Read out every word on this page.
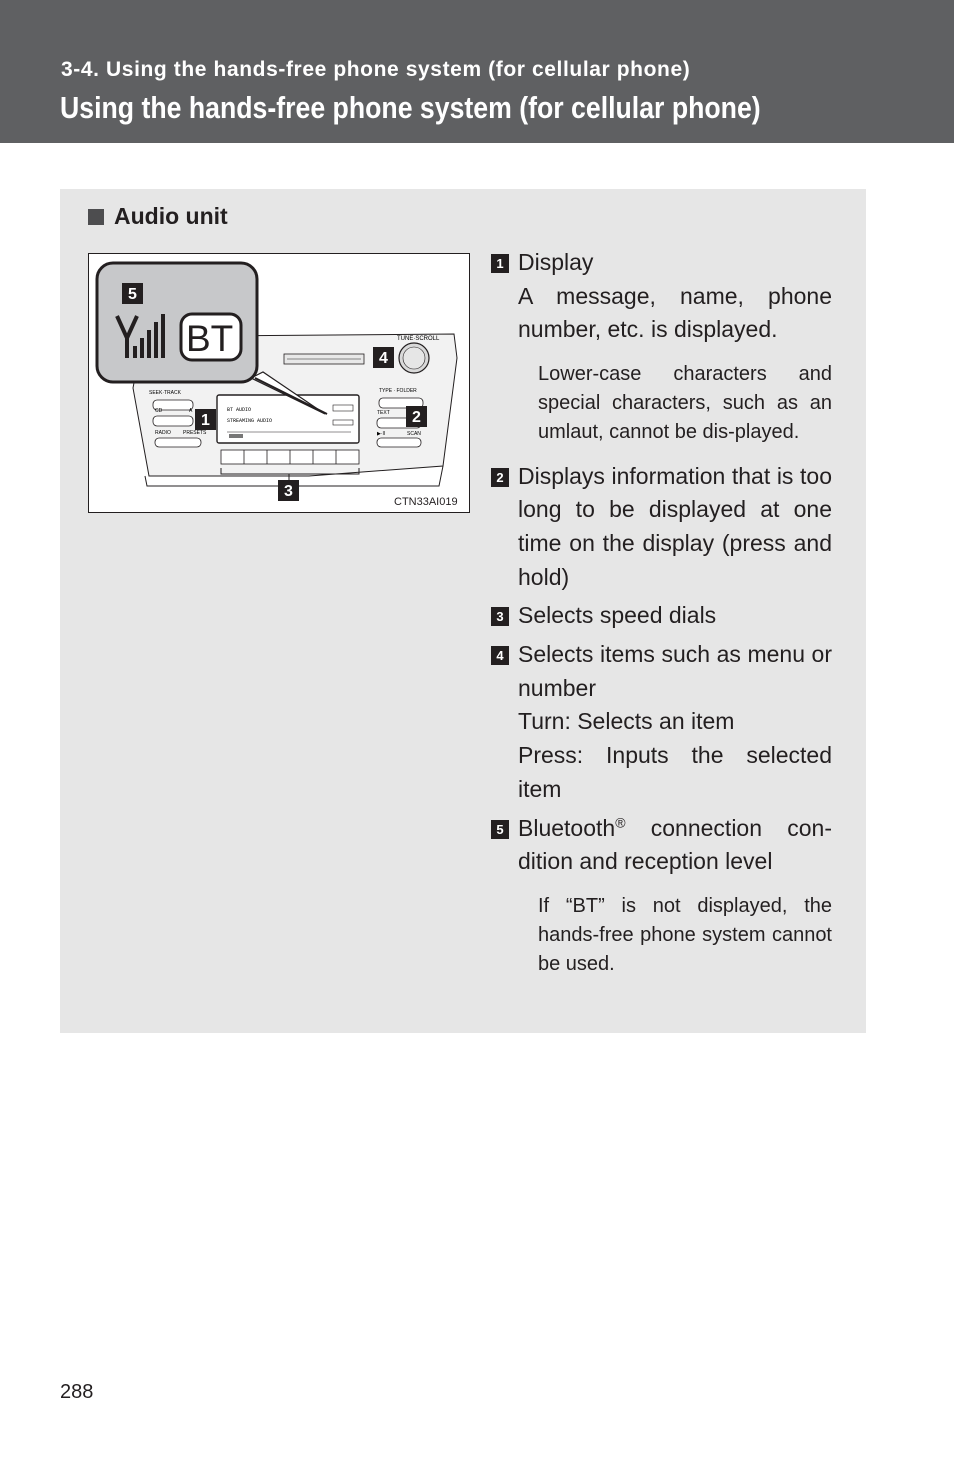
3-4. Using the hands-free phone system (for cellular phone)
Using the hands-free phone system (for cellular phone)
Audio unit
TUNE·SCROLL
BT AUDIO
STREAMING AUDIO
SEEK·TRACK
CD	A
RADIO PRESETS
TYPE · FOLDER
TEXT
▶·II	SCAN
BT
5
1	2
3
4
CTN33AI019
1 Display

A message, name, phone number, etc. is displayed.

Lower-case characters and special characters, such as an umlaut, cannot be dis-played.
2 Displays information that is too long to be displayed at one time on the display (press and hold)

3 Selects speed dials

4 Selects items such as menu or number

Turn: Selects an item

Press: Inputs the selected item

5 Bluetooth® connection con-dition and reception level

If “BT” is not displayed, the hands-free phone system cannot be used.
288
